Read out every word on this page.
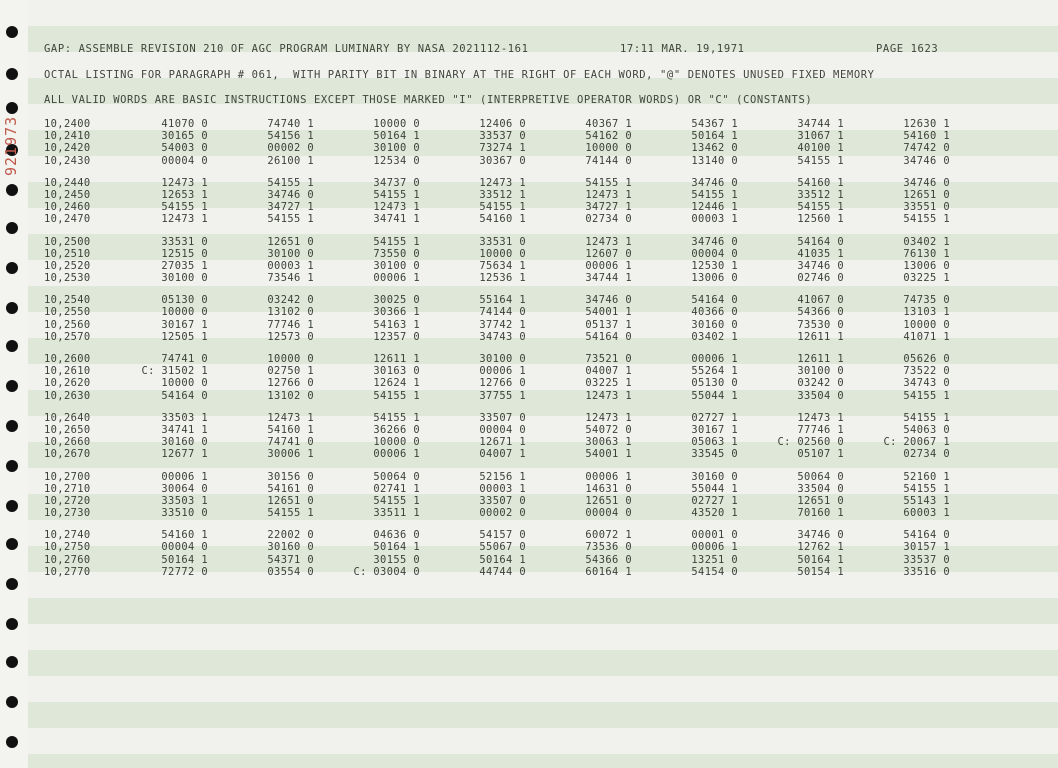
921973
GAP: ASSEMBLE REVISION 210 OF AGC PROGRAM LUMINARY BY NASA 2021112-161	17:11 MAR. 19,1971	PAGE 1623
OCTAL LISTING FOR PARAGRAPH # 061,  WITH PARITY BIT IN BINARY AT THE RIGHT OF EACH WORD, "@" DENOTES UNUSED FIXED MEMORY
ALL VALID WORDS ARE BASIC INSTRUCTIONS EXCEPT THOSE MARKED "I" (INTERPRETIVE OPERATOR WORDS) OR "C" (CONSTANTS)
10,2400	41070 0	74740 1	10000 0	12406 0	40367 1	54367 1	34744 1	12630 1
10,2410	30165 0	54156 1	50164 1	33537 0	54162 0	50164 1	31067 1	54160 1
10,2420	54003 0	00002 0	30100 0	73274 1	10000 0	13462 0	40100 1	74742 0
10,2430	00004 0	26100 1	12534 0	30367 0	74144 0	13140 0	54155 1	34746 0
10,2440	12473 1	54155 1	34737 0	12473 1	54155 1	34746 0	54160 1	34746 0
10,2450	12653 1	34746 0	54155 1	33512 1	12473 1	54155 1	33512 1	12651 0
10,2460	54155 1	34727 1	12473 1	54155 1	34727 1	12446 1	54155 1	33551 0
10,2470	12473 1	54155 1	34741 1	54160 1	02734 0	00003 1	12560 1	54155 1
10,2500	33531 0	12651 0	54155 1	33531 0	12473 1	34746 0	54164 0	03402 1
10,2510	12515 0	30100 0	73550 0	10000 0	12607 0	00004 0	41035 1	76130 1
10,2520	27035 1	00003 1	30100 0	75634 1	00006 1	12530 1	34746 0	13006 0
10,2530	30100 0	73546 1	00006 1	12536 1	34744 1	13006 0	02746 0	03225 1
10,2540	05130 0	03242 0	30025 0	55164 1	34746 0	54164 0	41067 0	74735 0
10,2550	10000 0	13102 0	30366 1	74144 0	54001 1	40366 0	54366 0	13103 1
10,2560	30167 1	77746 1	54163 1	37742 1	05137 1	30160 0	73530 0	10000 0
10,2570	12505 1	12573 0	12357 0	34743 0	54164 0	03402 1	12611 1	41071 1
10,2600	74741 0	10000 0	12611 1	30100 0	73521 0	00006 1	12611 1	05626 0
10,2610	C: 31502 1	02750 1	30163 0	00006 1	04007 1	55264 1	30100 0	73522 0
10,2620	10000 0	12766 0	12624 1	12766 0	03225 1	05130 0	03242 0	34743 0
10,2630	54164 0	13102 0	54155 1	37755 1	12473 1	55044 1	33504 0	54155 1
10,2640	33503 1	12473 1	54155 1	33507 0	12473 1	02727 1	12473 1	54155 1
10,2650	34741 1	54160 1	36266 0	00004 0	54072 0	30167 1	77746 1	54063 0
10,2660	30160 0	74741 0	10000 0	12671 1	30063 1	05063 1	C: 02560 0	C: 20067 1
10,2670	12677 1	30006 1	00006 1	04007 1	54001 1	33545 0	05107 1	02734 0
10,2700	00006 1	30156 0	50064 0	52156 1	00006 1	30160 0	50064 0	52160 1
10,2710	30064 0	54161 0	02741 1	00003 1	14631 0	55044 1	33504 0	54155 1
10,2720	33503 1	12651 0	54155 1	33507 0	12651 0	02727 1	12651 0	55143 1
10,2730	33510 0	54155 1	33511 1	00002 0	00004 0	43520 1	70160 1	60003 1
10,2740	54160 1	22002 0	04636 0	54157 0	60072 1	00001 0	34746 0	54164 0
10,2750	00004 0	30160 0	50164 1	55067 0	73536 0	00006 1	12762 1	30157 1
10,2760	50164 1	54371 0	30155 0	50164 1	54366 0	13251 0	50164 1	33537 0
10,2770	72772 0	03554 0	C: 03004 0	44744 0	60164 1	54154 0	50154 1	33516 0
